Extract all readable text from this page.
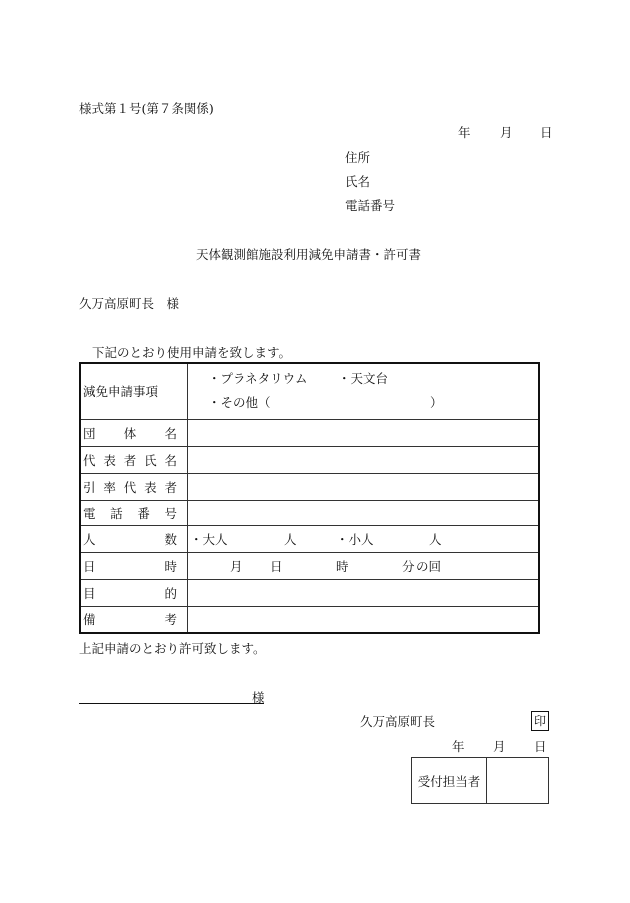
様式第１号(第７条関係)
年 月 日
住所
氏名
電話番号
天体観測館施設利用減免申請書・許可書
久万高原町長　様
下記のとおり使用申請を致します。
減免申請事項	・プラネタリウム ・天文台
・その他（ ）

団 体 名	

代 表 者 氏 名	

引 率 代 表 者	

電 話 番 号	

人 数	・大人 人 ・小人 人

日 時	月 日 時 分 の回

目 的	

備 考	

上記申請のとおり許可致します。
様
久万高原町長	印
年 月 日
受付担当者	
